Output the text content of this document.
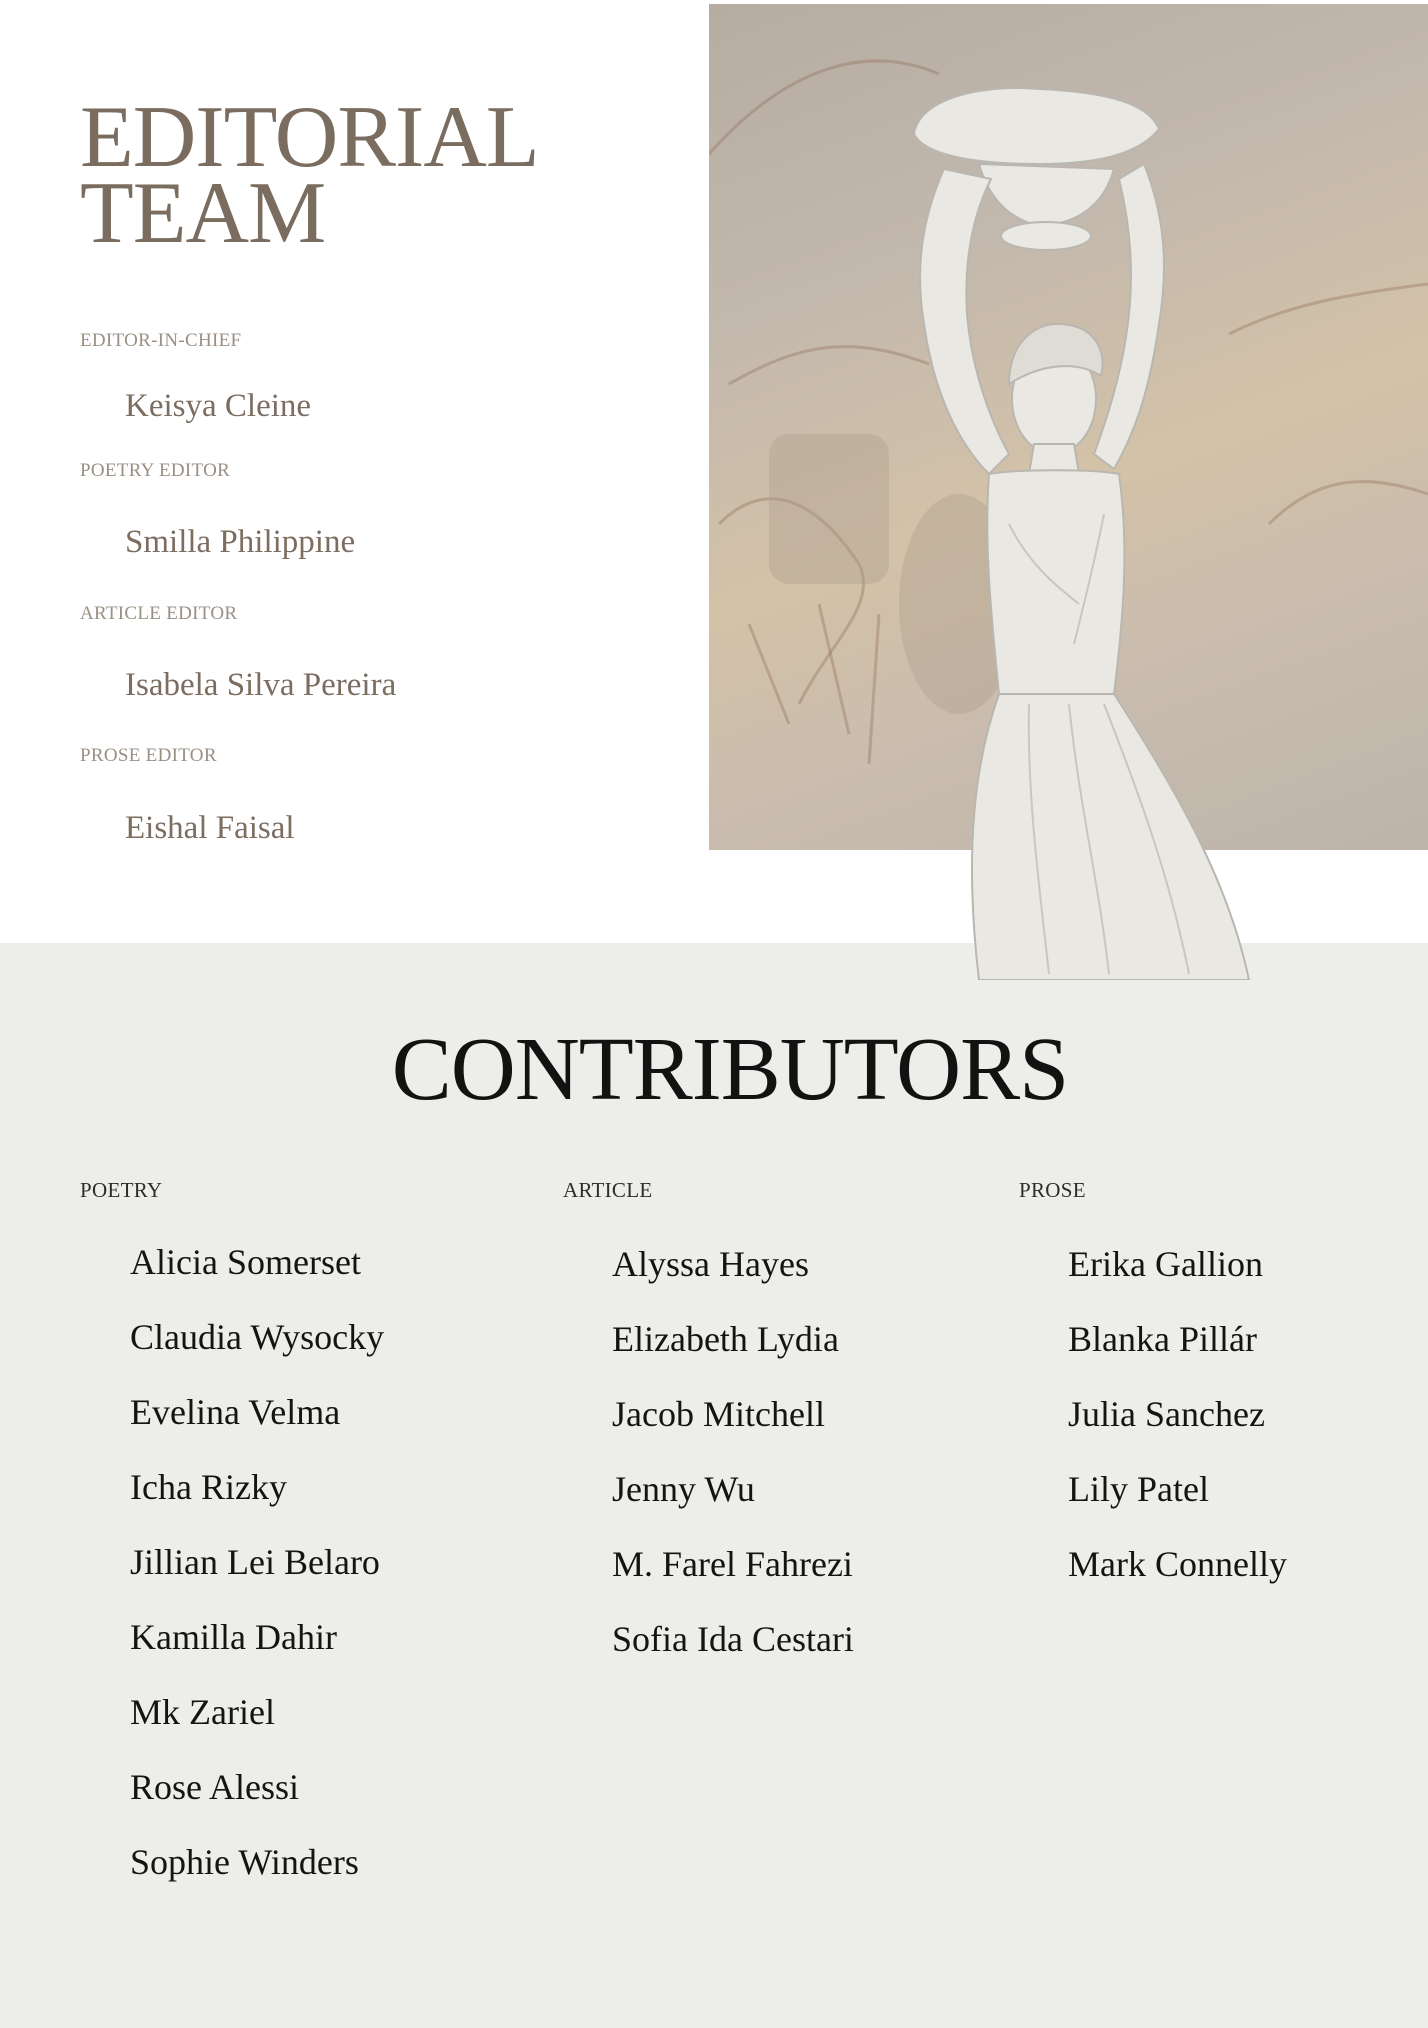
EDITORIAL
TEAM

EDITOR-IN-CHIEF

Keisya Cleine

POETRY EDITOR

Smilla Philippine

ARTICLE EDITOR

Isabela Silva Pereira

PROSE EDITOR

Eishal Faisal

CONTRIBUTORS

POETRY

Alicia Somerset
Claudia Wysocky
Evelina Velma
Icha Rizky
Jillian Lei Belaro
Kamilla Dahir
Mk Zariel
Rose Alessi
Sophie Winders

ARTICLE

Alyssa Hayes
Elizabeth Lydia
Jacob Mitchell
Jenny Wu
M. Farel Fahrezi
Sofia Ida Cestari

PROSE

Erika Gallion
Blanka Pillár
Julia Sanchez
Lily Patel
Mark Connelly
